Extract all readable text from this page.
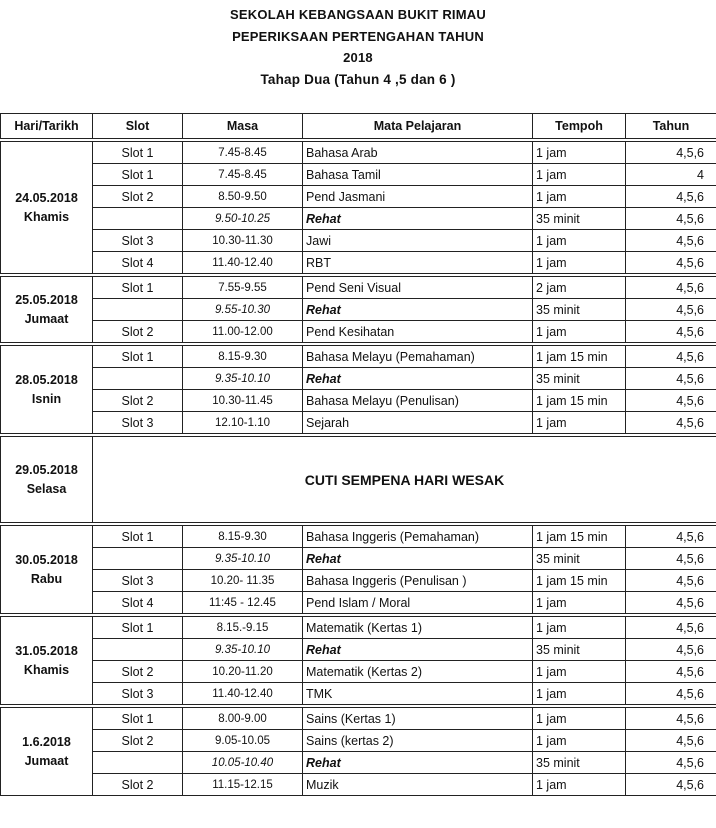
SEKOLAH KEBANGSAAN BUKIT RIMAU
PEPERIKSAAN PERTENGAHAN TAHUN
2018
Tahap Dua (Tahun 4 ,5 dan 6 )
Hari/Tarikh	Slot	Masa	Mata Pelajaran	Tempoh	Tahun

24.05.2018
Khamis	Slot 1	7.45-8.45	Bahasa Arab	1 jam	4,5,6
	Slot 1	7.45-8.45	Bahasa Tamil	1 jam	4
	Slot 2	8.50-9.50	Pend Jasmani	1 jam	4,5,6
		9.50-10.25	Rehat	35 minit	4,5,6
	Slot 3	10.30-11.30	Jawi	1 jam	4,5,6
	Slot 4	11.40-12.40	RBT	1 jam	4,5,6

25.05.2018
Jumaat	Slot 1	7.55-9.55	Pend Seni Visual	2 jam	4,5,6
		9.55-10.30	Rehat	35 minit	4,5,6
	Slot 2	11.00-12.00	Pend Kesihatan	1 jam	4,5,6

28.05.2018
Isnin	Slot 1	8.15-9.30	Bahasa Melayu (Pemahaman)	1 jam 15 min	4,5,6
		9.35-10.10	Rehat	35 minit	4,5,6
	Slot 2	10.30-11.45	Bahasa Melayu (Penulisan)	1 jam 15 min	4,5,6
	Slot 3	12.10-1.10	Sejarah	1 jam	4,5,6

29.05.2018
Selasa	CUTI SEMPENA HARI WESAK				

30.05.2018
Rabu	Slot 1	8.15-9.30	Bahasa Inggeris (Pemahaman)	1 jam 15 min	4,5,6
		9.35-10.10	Rehat	35 minit	4,5,6
	Slot 3	10.20- 11.35	Bahasa Inggeris (Penulisan )	1 jam 15 min	4,5,6
	Slot 4	11:45 - 12.45	Pend Islam / Moral	1 jam	4,5,6

31.05.2018
Khamis	Slot 1	8.15.-9.15	Matematik (Kertas 1)	1 jam	4,5,6
		9.35-10.10	Rehat	35 minit	4,5,6
	Slot 2	10.20-11.20	Matematik (Kertas 2)	1 jam	4,5,6
	Slot 3	11.40-12.40	TMK	1 jam	4,5,6

1.6.2018
Jumaat	Slot 1	8.00-9.00	Sains (Kertas 1)	1 jam	4,5,6
	Slot 2	9.05-10.05	Sains (kertas 2)	1 jam	4,5,6
		10.05-10.40	Rehat	35 minit	4,5,6
	Slot 2	11.15-12.15	Muzik	1 jam	4,5,6
